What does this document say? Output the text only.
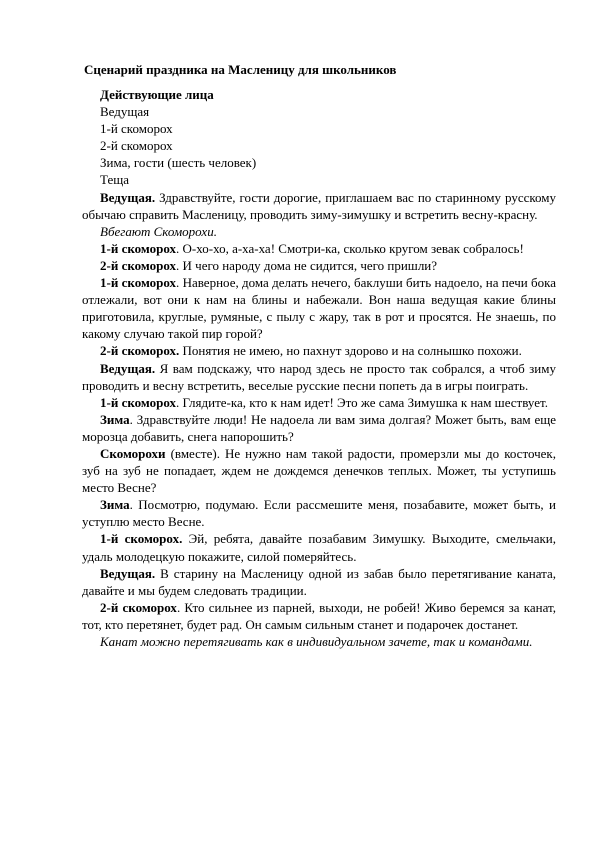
Сценарий праздника на Масленицу для школьников

Действующие лица

Ведущая

1-й скоморох

2-й скоморох

Зима, гости (шесть человек)

Теща

Ведущая. Здравствуйте, гости дорогие, приглашаем вас по старинному русскому обычаю справить Масленицу, проводить зиму-зимушку и встретить весну-красну.

Вбегают Скоморохи.

1-й скоморох. О-хо-хо, а-ха-ха! Смотри-ка, сколько кругом зевак собралось!

2-й скоморох. И чего народу дома не сидится, чего пришли?

1-й скоморох. Наверное, дома делать нечего, баклуши бить надоело, на печи бока отлежали, вот они к нам на блины и набежали. Вон наша ведущая какие блины приготовила, круглые, румяные, с пылу с жару, так в рот и просятся. Не знаешь, по какому случаю такой пир горой?

2-й скоморох. Понятия не имею, но пахнут здорово и на солнышко похожи.

Ведущая. Я вам подскажу, что народ здесь не просто так собрался, а чтоб зиму проводить и весну встретить, веселые русские песни попеть да в игры поиграть.

1-й скоморох. Глядите-ка, кто к нам идет! Это же сама Зимушка к нам шествует.

Зима. Здравствуйте люди! Не надоела ли вам зима долгая? Может быть, вам еще морозца добавить, снега напорошить?

Скоморохи (вместе). Не нужно нам такой радости, промерзли мы до косточек, зуб на зуб не попадает, ждем не дождемся денечков теплых. Может, ты уступишь место Весне?

Зима. Посмотрю, подумаю. Если рассмешите меня, позабавите, может быть, и уступлю место Весне.

1-й скоморох. Эй, ребята, давайте позабавим Зимушку. Выходите, смельчаки, удаль молодецкую покажите, силой померяйтесь.

Ведущая. В старину на Масленицу одной из забав было перетягивание каната, давайте и мы будем следовать традиции.

2-й скоморох. Кто сильнее из парней, выходи, не робей! Живо беремся за канат, тот, кто перетянет, будет рад. Он самым сильным станет и подарочек достанет.

Канат можно перетягивать как в индивидуальном зачете, так и командами.
